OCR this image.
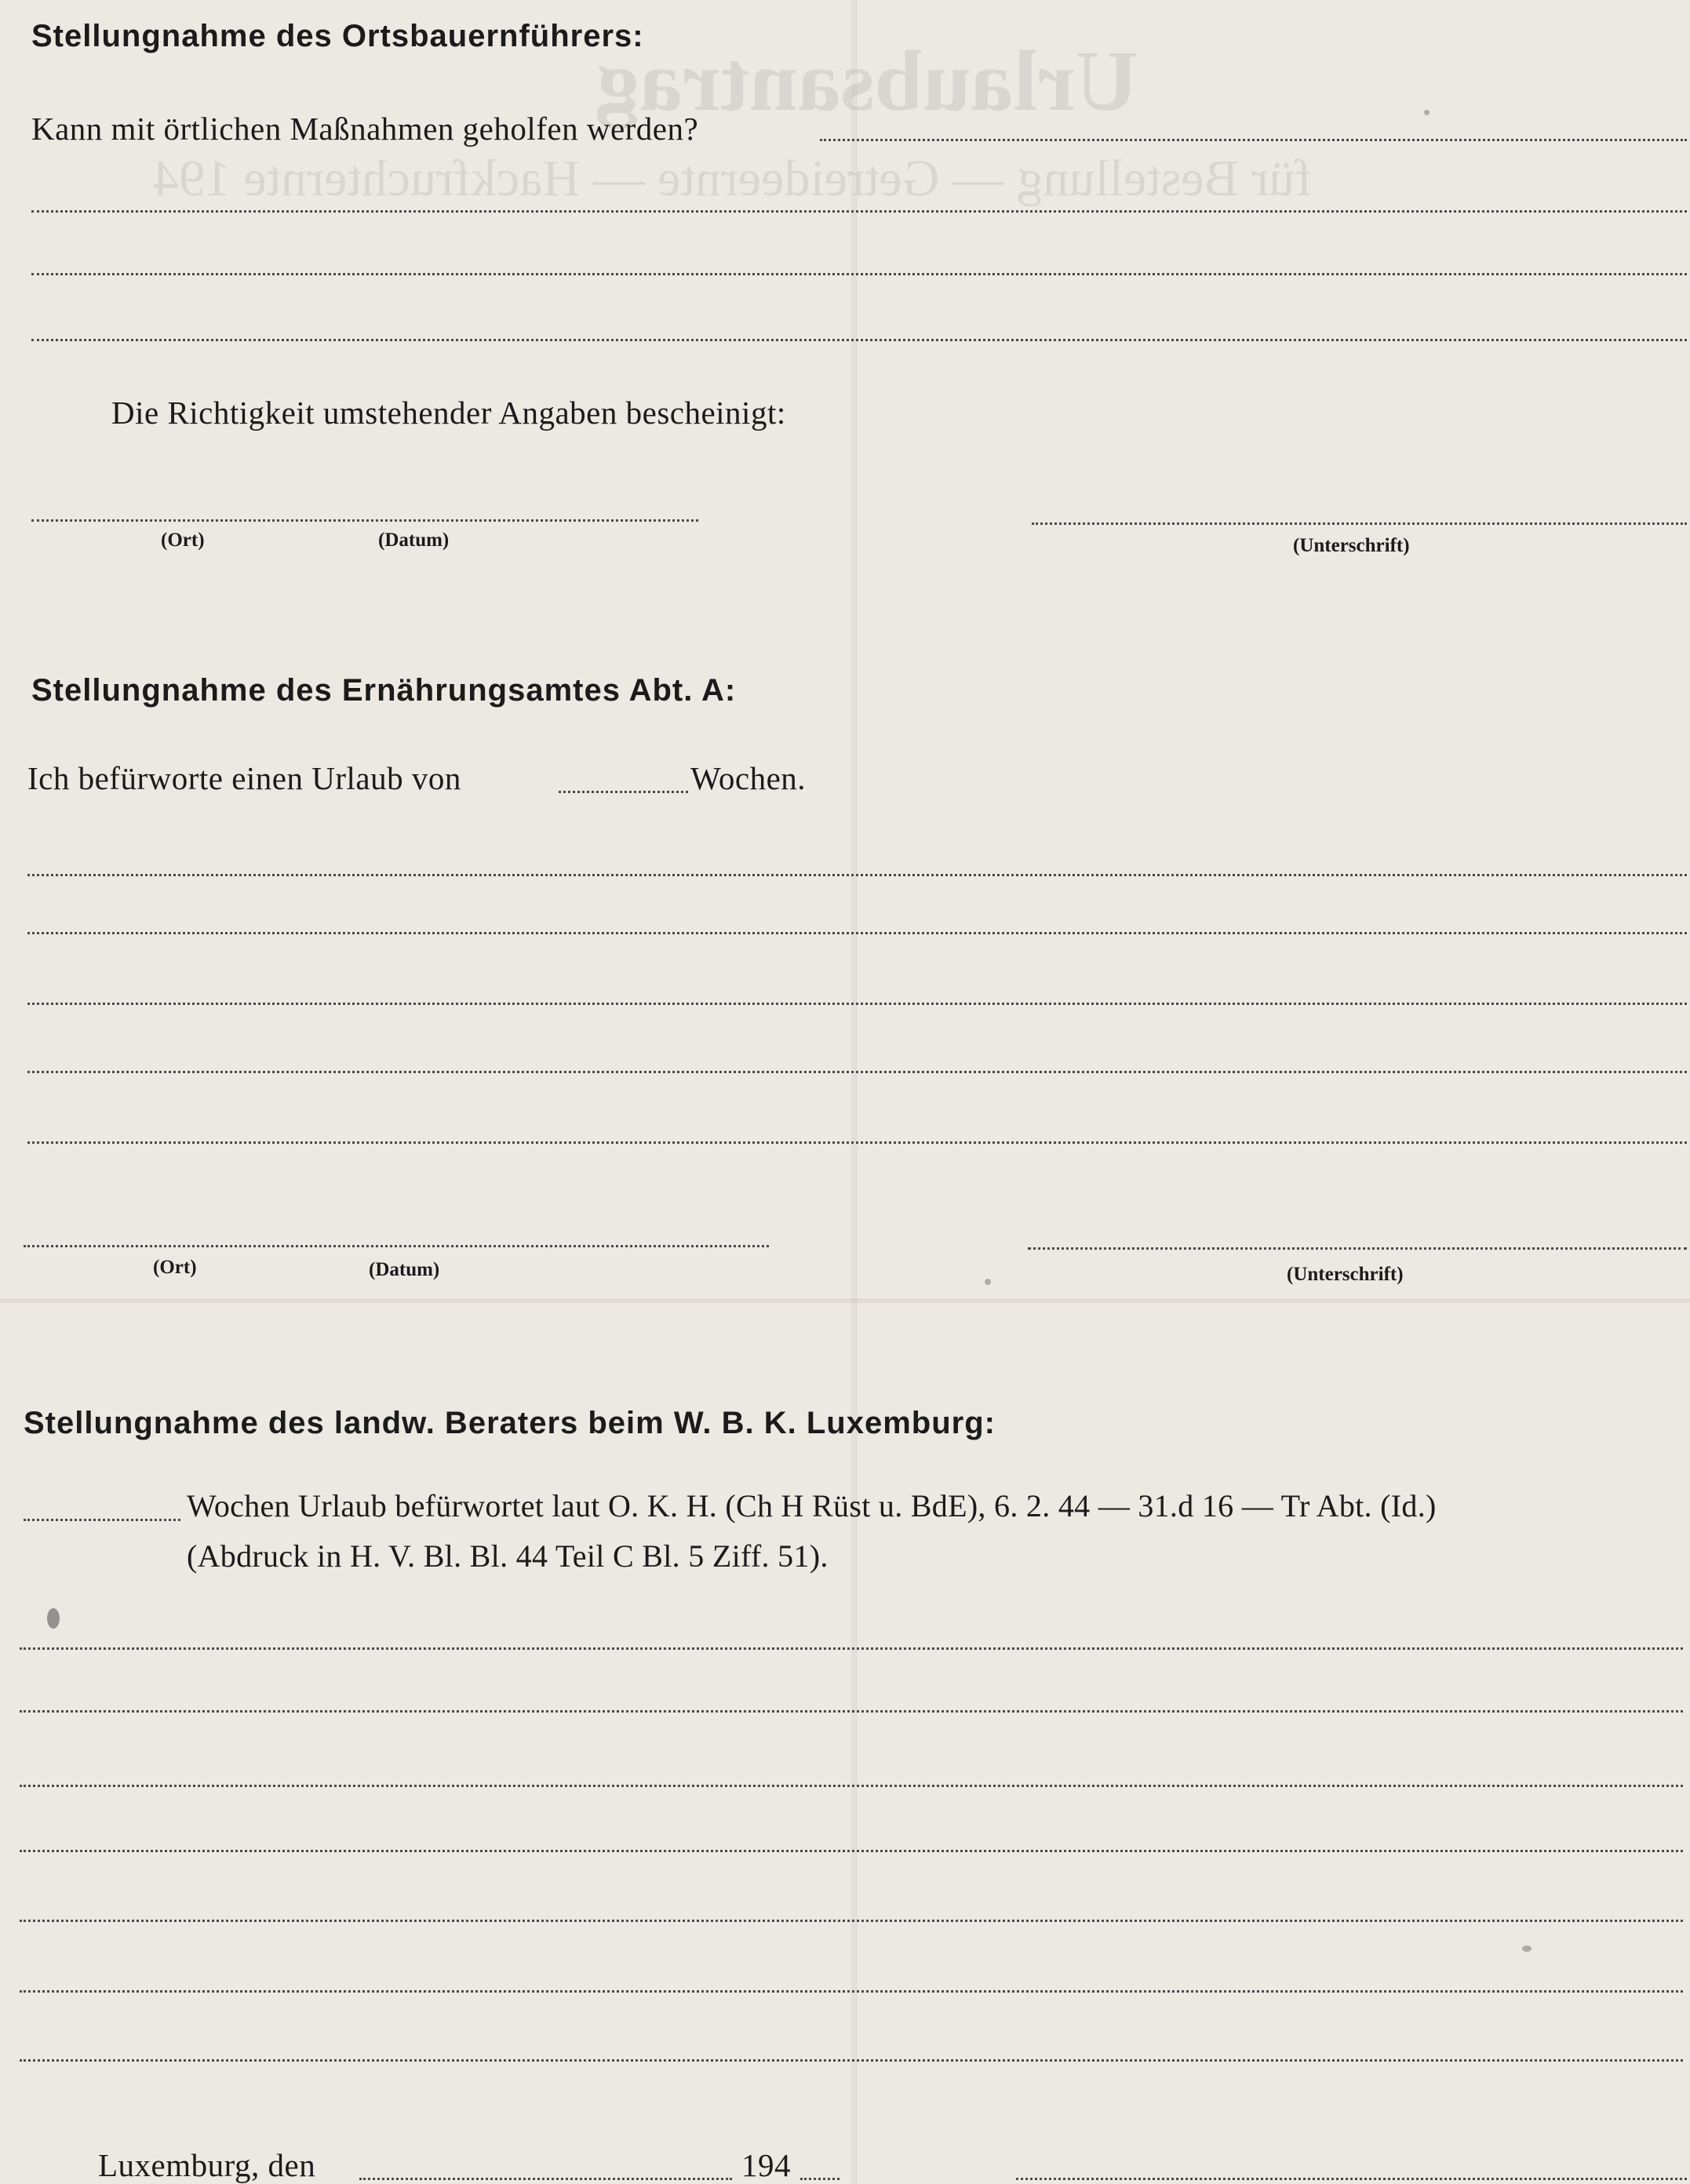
Urlaubsantrag
für Bestellung — Getreideernte — Hackfruchternte 194
Stellungnahme des Ortsbauernführers:
Kann mit örtlichen Maßnahmen geholfen werden?
Die Richtigkeit umstehender Angaben bescheinigt:
(Ort)	(Datum)	(Unterschrift)
Stellungnahme des Ernährungsamtes Abt. A:
Ich befürworte einen Urlaub von	Wochen.
(Ort)	(Datum)	(Unterschrift)
Stellungnahme des landw. Beraters beim W. B. K. Luxemburg:
Wochen Urlaub befürwortet laut O. K. H. (Ch H Rüst u. BdE), 6. 2. 44 — 31.d 16 — Tr Abt. (Id.)
(Abdruck in H. V. Bl. Bl. 44 Teil C Bl. 5 Ziff. 51).
Luxemburg, den	194
